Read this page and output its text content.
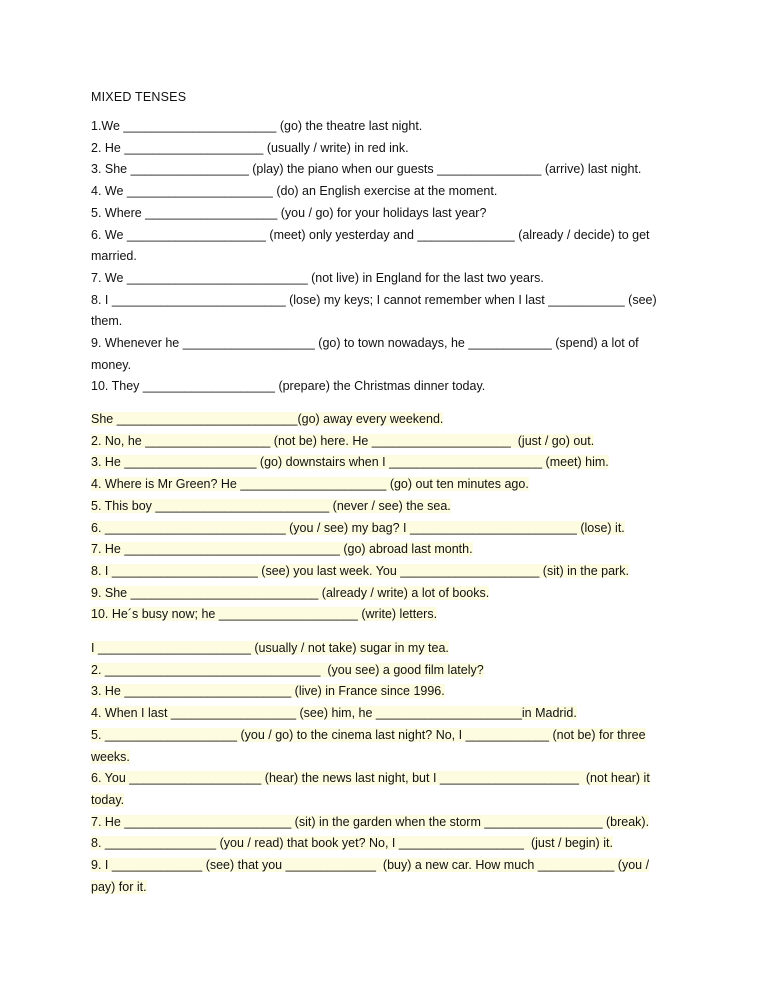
MIXED TENSES
1.We ______________________ (go) the theatre last night.
2. He ____________________ (usually / write) in red ink.
3. She _________________ (play) the piano when our guests _______________ (arrive) last night.
4. We _____________________ (do) an English exercise at the moment.
5. Where ___________________ (you / go) for your holidays last year?
6. We ____________________ (meet) only yesterday and ______________ (already / decide) to get
married.
7. We __________________________ (not live) in England for the last two years.
8. I _________________________ (lose) my keys; I cannot remember when I last ___________ (see)
them.
9. Whenever he ___________________ (go) to town nowadays, he ____________ (spend) a lot of
money.
10. They ___________________ (prepare) the Christmas dinner today.
She __________________________(go) away every weekend.
2. No, he __________________ (not be) here. He ____________________  (just / go) out.
3. He ___________________ (go) downstairs when I ______________________ (meet) him.
4. Where is Mr Green? He _____________________ (go) out ten minutes ago.
5. This boy _________________________ (never / see) the sea.
6. __________________________ (you / see) my bag? I ________________________ (lose) it.
7. He _______________________________ (go) abroad last month.
8. I _____________________ (see) you last week. You ____________________ (sit) in the park.
9. She ___________________________ (already / write) a lot of books.
10. He´s busy now; he ____________________ (write) letters.
I ______________________ (usually / not take) sugar in my tea.
2. _______________________________  (you see) a good film lately?
3. He ________________________ (live) in France since 1996.
4. When I last __________________ (see) him, he _____________________in Madrid.
5. ___________________ (you / go) to the cinema last night? No, I ____________ (not be) for three
weeks.
6. You ___________________ (hear) the news last night, but I ____________________  (not hear) it
today.
7. He ________________________ (sit) in the garden when the storm _________________ (break).
8. ________________ (you / read) that book yet? No, I __________________  (just / begin) it.
9. I _____________ (see) that you _____________  (buy) a new car. How much ___________ (you /
pay) for it.
